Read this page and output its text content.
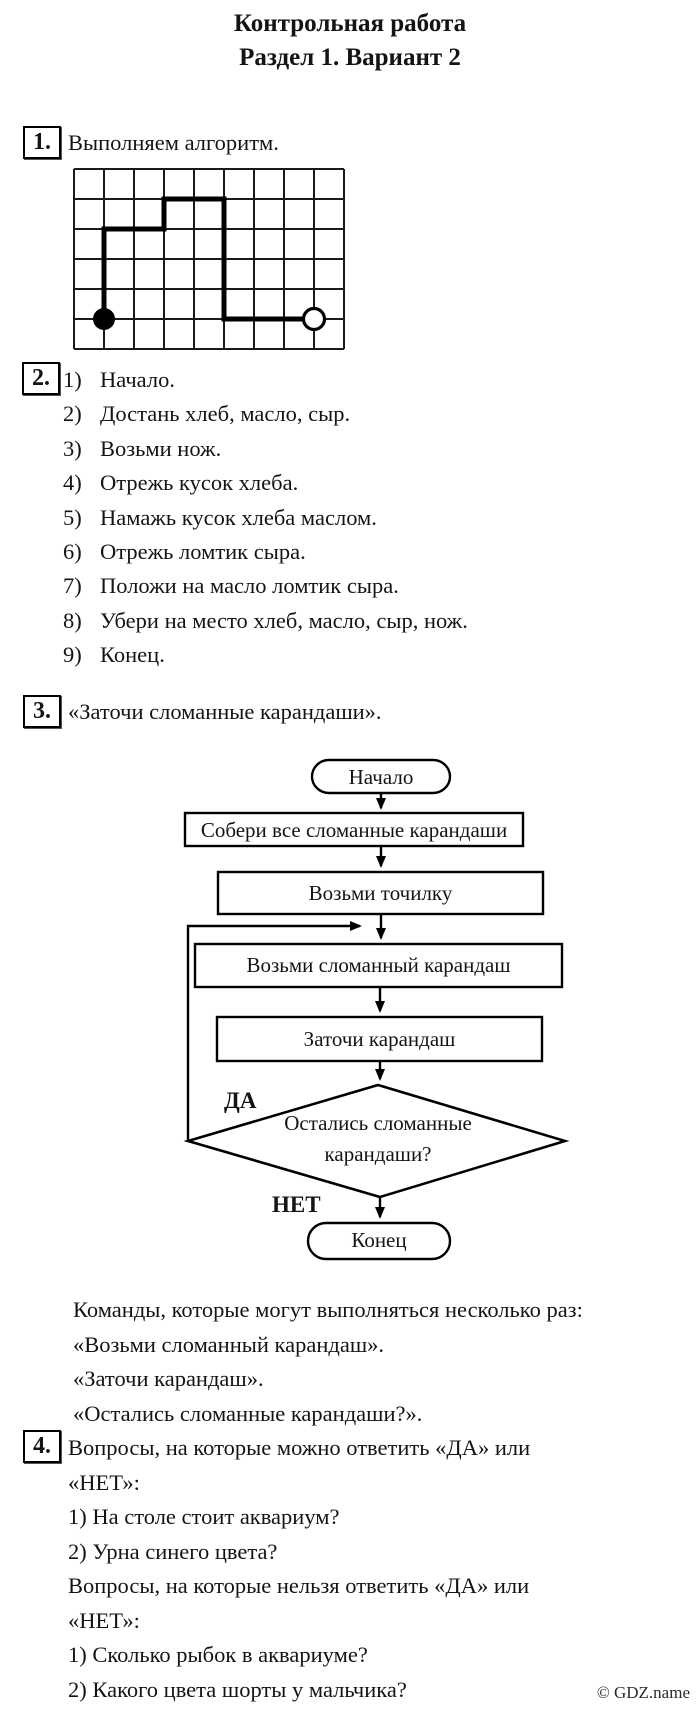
Контрольная работа
Раздел 1. Вариант 2
1. Выполняем алгоритм.
2. 1) Начало.
2) Достань хлеб, масло, сыр.
3) Возьми нож.
4) Отрежь кусок хлеба.
5) Намажь кусок хлеба маслом.
6) Отрежь ломтик сыра.
7) Положи на масло ломтик сыра.
8) Убери на место хлеб, масло, сыр, нож.
9) Конец.
3. «Заточи сломанные карандаши».
Начало
Собери все сломанные карандаши
Возьми точилку
Возьми сломанный карандаш
Заточи карандаш
Остались сломанные
карандаши?
ДА
НЕТ
Конец
Команды, которые могут выполняться несколько раз:
«Возьми сломанный карандаш».
«Заточи карандаш».
«Остались сломанные карандаши?».
4. Вопросы, на которые можно ответить «ДА» или
«НЕТ»:
1) На столе стоит аквариум?
2) Урна синего цвета?
Вопросы, на которые нельзя ответить «ДА» или
«НЕТ»:
1) Сколько рыбок в аквариуме?
2) Какого цвета шорты у мальчика?	© GDZ.name
